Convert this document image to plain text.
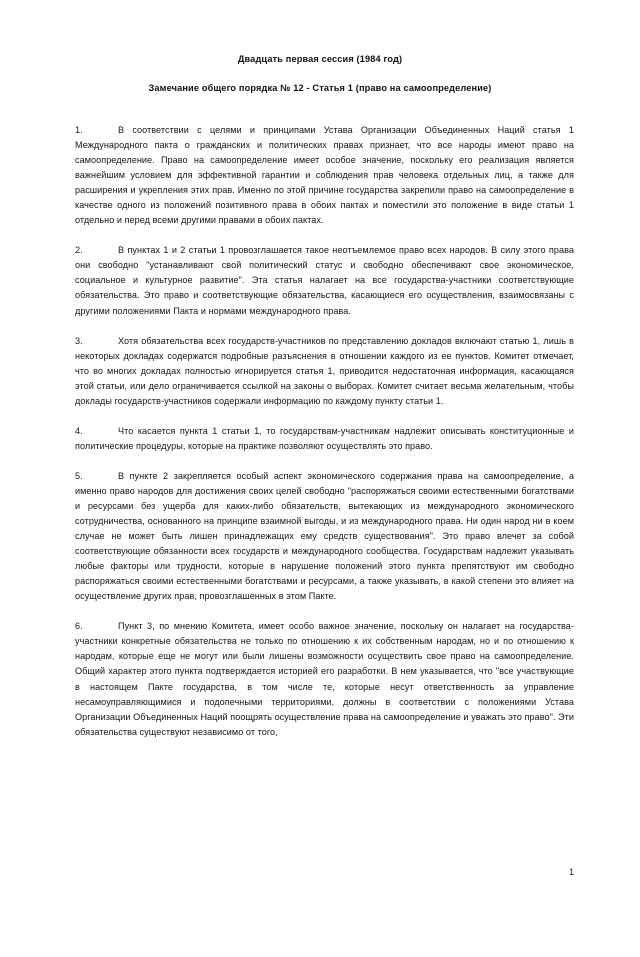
Двадцать первая сессия (1984 год)
Замечание общего порядка № 12 - Статья 1 (право на самоопределение)

1.	В соответствии с целями и принципами Устава Организации Объединенных Наций статья 1 Международного пакта о гражданских и политических правах признает, что все народы имеют право на самоопределение. Право на самоопределение имеет особое значение, поскольку его реализация является важнейшим условием для эффективной гарантии и соблюдения прав человека отдельных лиц, а также для расширения и укрепления этих прав. Именно по этой причине государства закрепили право на самоопределение в качестве одного из положений позитивного права в обоих пактах и поместили это положение в виде статьи 1 отдельно и перед всеми другими правами в обоих пактах.

2.	В пунктах 1 и 2 статьи 1 провозглашается такое неотъемлемое право всех народов. В силу этого права они свободно "устанавливают свой политический статус и свободно обеспечивают свое экономическое, социальное и культурное развитие". Эта статья налагает на все государства-участники соответствующие обязательства. Это право и соответствующие обязательства, касающиеся его осуществления, взаимосвязаны с другими положениями Пакта и нормами международного права.

3.	Хотя обязательства всех государств-участников по представлению докладов включают статью 1, лишь в некоторых докладах содержатся подробные разъяснения в отношении каждого из ее пунктов. Комитет отмечает, что во многих докладах полностью игнорируется статья 1, приводится недостаточная информация, касающаяся этой статьи, или дело ограничивается ссылкой на законы о выборах. Комитет считает весьма желательным, чтобы доклады государств-участников содержали информацию по каждому пункту статьи 1.

4.	Что касается пункта 1 статьи 1, то государствам-участникам надлежит описывать конституционные и политические процедуры, которые на практике позволяют осуществлять это право.

5.	В пункте 2 закрепляется особый аспект экономического содержания права на самоопределение, а именно право народов для достижения своих целей свободно "распоряжаться своими естественными богатствами и ресурсами без ущерба для каких-либо обязательств, вытекающих из международного экономического сотрудничества, основанного на принципе взаимной выгоды, и из международного права. Ни один народ ни в коем случае не может быть лишен принадлежащих ему средств существования". Это право влечет за собой соответствующие обязанности всех государств и международного сообщества. Государствам надлежит указывать любые факторы или трудности, которые в нарушение положений этого пункта препятствуют им свободно распоряжаться своими естественными богатствами и ресурсами, а также указывать, в какой степени это влияет на осуществление других прав, провозглашенных в этом Пакте.

6.	Пункт 3, по мнению Комитета, имеет особо важное значение, поскольку он налагает на государства-участники конкретные обязательства не только по отношению к их собственным народам, но и по отношению к народам, которые еще не могут или были лишены возможности осуществить свое право на самоопределение. Общий характер этого пункта подтверждается историей его разработки. В нем указывается, что "все участвующие в настоящем Пакте государства, в том числе те, которые несут ответственность за управление несамоуправляющимися и подопечными территориями, должны в соответствии с положениями Устава Организации Объединенных Наций поощрять осуществление права на самоопределение и уважать это право". Эти обязательства существуют независимо от того,

1
